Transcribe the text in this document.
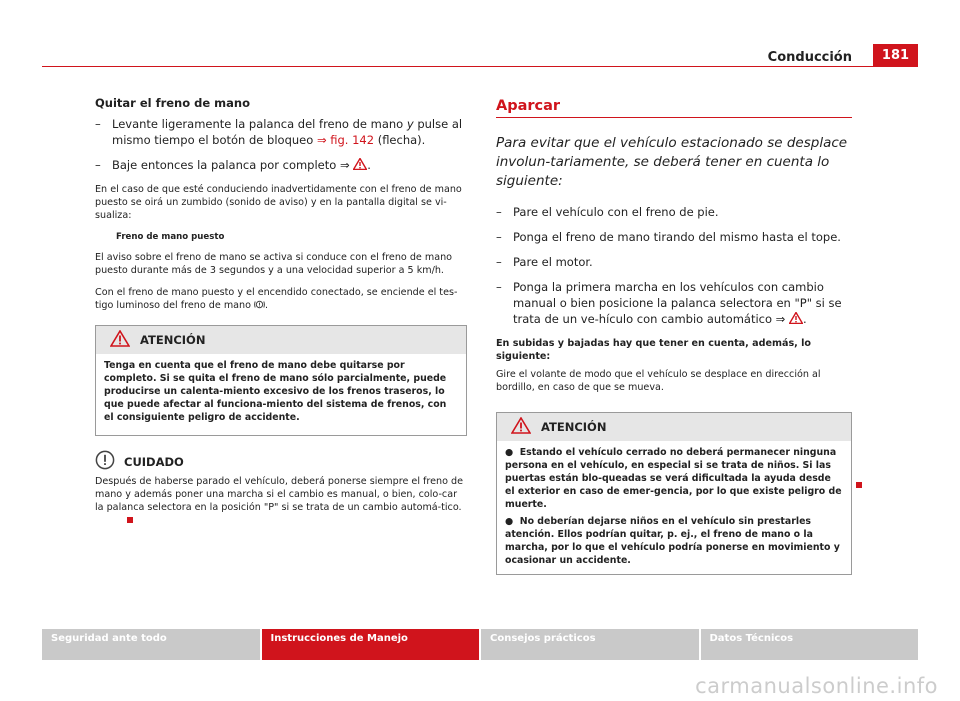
Conducción	181

Quitar el freno de mano

– Levante ligeramente la palanca del freno de mano y pulse al mismo tiempo el botón de bloqueo ⇒ fig. 142 (flecha).
– Baje entonces la palanca por completo ⇒ .

En el caso de que esté conduciendo inadvertidamente con el freno de mano puesto se oirá un zumbido (sonido de aviso) y en la pantalla digital se vi-sualiza:

Freno de mano puesto

El aviso sobre el freno de mano se activa si conduce con el freno de mano puesto durante más de 3 segundos y a una velocidad superior a 5 km/h.

Con el freno de mano puesto y el encendido conectado, se enciende el tes-tigo luminoso del freno de mano .

ATENCIÓN

Tenga en cuenta que el freno de mano debe quitarse por completo. Si se quita el freno de mano sólo parcialmente, puede producirse un calenta-miento excesivo de los frenos traseros, lo que puede afectar al funciona-miento del sistema de frenos, con el consiguiente peligro de accidente.

CUIDADO
Después de haberse parado el vehículo, deberá ponerse siempre el freno de mano y además poner una marcha si el cambio es manual, o bien, colo-car la palanca selectora en la posición "P" si se trata de un cambio automá-tico.
Aparcar

Para evitar que el vehículo estacionado se desplace involun-tariamente, se deberá tener en cuenta lo siguiente:

– Pare el vehículo con el freno de pie.
– Ponga el freno de mano tirando del mismo hasta el tope.
– Pare el motor.
– Ponga la primera marcha en los vehículos con cambio manual o bien posicione la palanca selectora en "P" si se trata de un ve-hículo con cambio automático ⇒ .

En subidas y bajadas hay que tener en cuenta, además, lo siguiente:

Gire el volante de modo que el vehículo se desplace en dirección al bordillo, en caso de que se mueva.

ATENCIÓN

●  Estando el vehículo cerrado no deberá permanecer ninguna persona en el vehículo, en especial si se trata de niños. Si las puertas están blo-queadas se verá dificultada la ayuda desde el exterior en caso de emer-gencia, por lo que existe peligro de muerte.

●  No deberían dejarse niños en el vehículo sin prestarles atención. Ellos podrían quitar, p. ej., el freno de mano o la marcha, por lo que el vehículo podría ponerse en movimiento y ocasionar un accidente.

Seguridad ante todo	Instrucciones de Manejo	Consejos prácticos	Datos Técnicos
carmanualsonline.info
